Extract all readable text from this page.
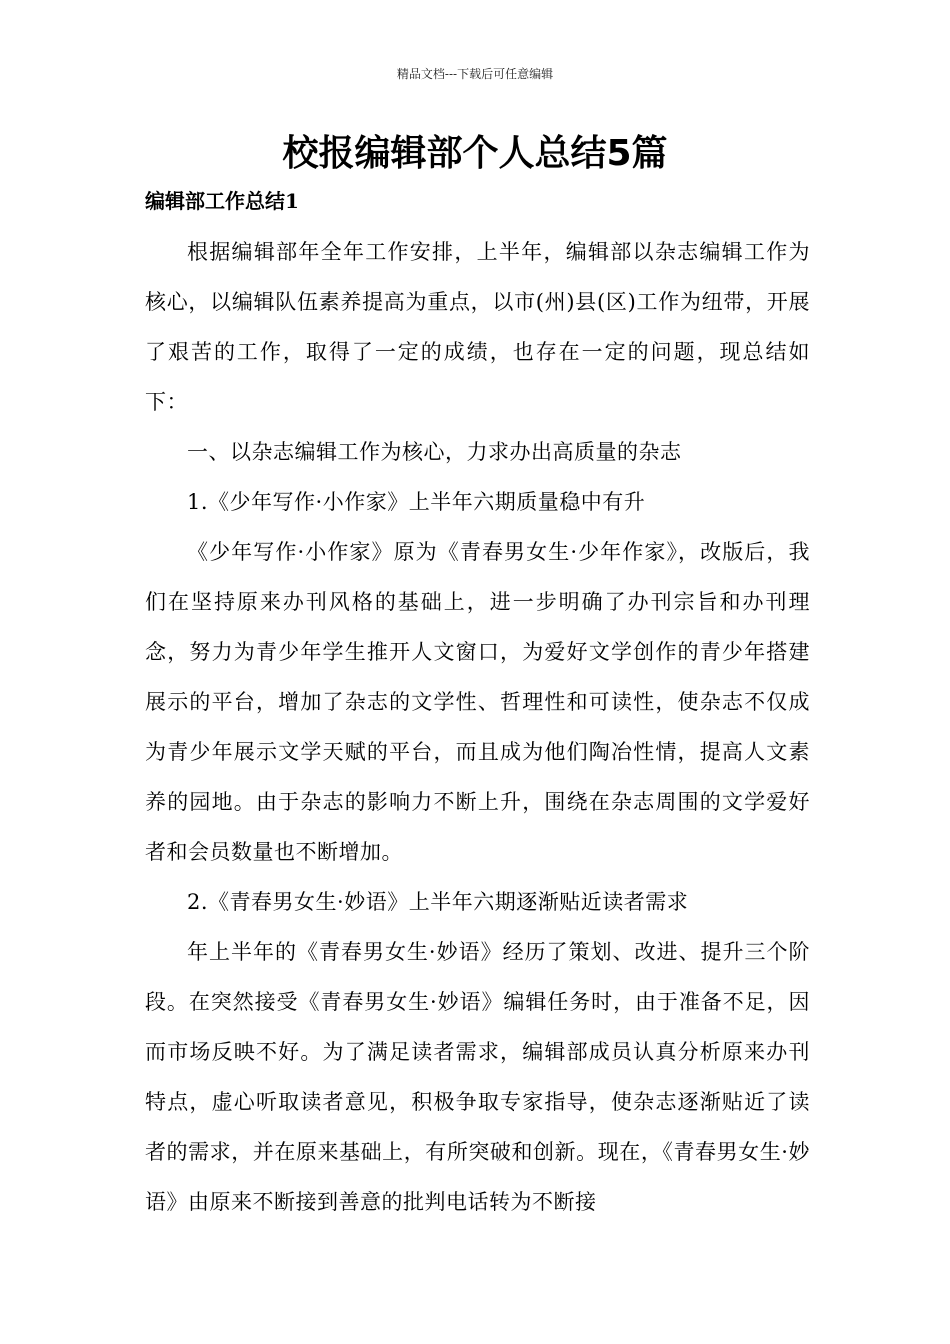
精品文档---下载后可任意编辑
校报编辑部个人总结5篇
编辑部工作总结1

根据编辑部年全年工作安排，上半年，编辑部以杂志编辑工作为核心，以编辑队伍素养提高为重点，以市(州)县(区)工作为纽带，开展了艰苦的工作，取得了一定的成绩，也存在一定的问题，现总结如下：

一、以杂志编辑工作为核心，力求办出高质量的杂志

1.《少年写作·小作家》上半年六期质量稳中有升

《少年写作·小作家》原为《青春男女生·少年作家》，改版后，我们在坚持原来办刊风格的基础上，进一步明确了办刊宗旨和办刊理念，努力为青少年学生推开人文窗口，为爱好文学创作的青少年搭建展示的平台，增加了杂志的文学性、哲理性和可读性，使杂志不仅成为青少年展示文学天赋的平台，而且成为他们陶冶性情，提高人文素养的园地。由于杂志的影响力不断上升，围绕在杂志周围的文学爱好者和会员数量也不断增加。

2.《青春男女生·妙语》上半年六期逐渐贴近读者需求

年上半年的《青春男女生·妙语》经历了策划、改进、提升三个阶段。在突然接受《青春男女生·妙语》编辑任务时，由于准备不足，因而市场反映不好。为了满足读者需求，编辑部成员认真分析原来办刊特点，虚心听取读者意见，积极争取专家指导，使杂志逐渐贴近了读者的需求，并在原来基础上，有所突破和创新。现在，《青春男女生·妙语》由原来不断接到善意的批判电话转为不断接
